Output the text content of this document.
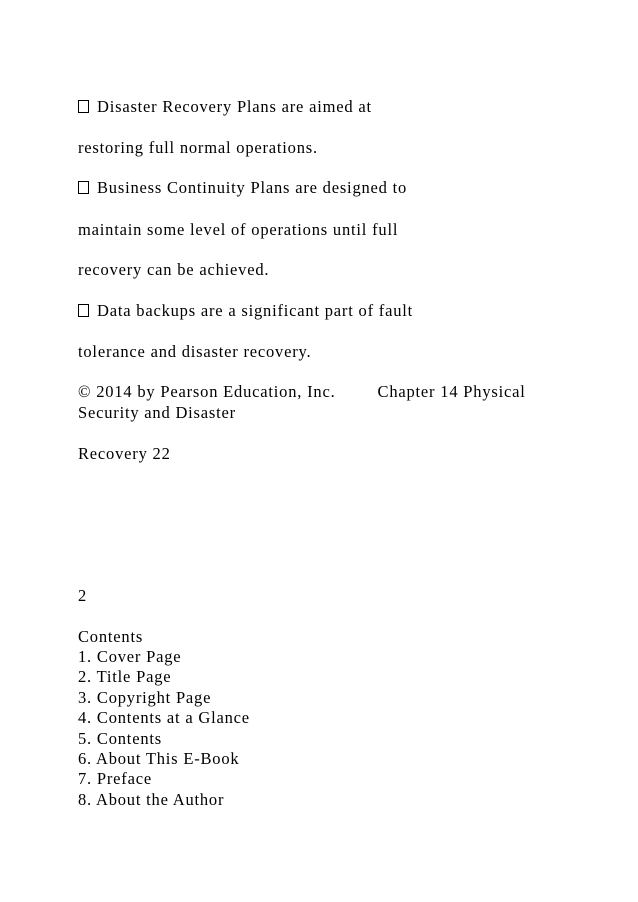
Disaster Recovery Plans are aimed at
restoring full normal operations.
Business Continuity Plans are designed to
maintain some level of operations until full
recovery can be achieved.
Data backups are a significant part of fault
tolerance and disaster recovery.
© 2014 by Pearson Education, Inc.	Chapter 14 Physical
Security and Disaster
Recovery 22
2
Contents
1. Cover Page
2. Title Page
3. Copyright Page
4. Contents at a Glance
5. Contents
6. About This E-Book
7. Preface
8. About the Author
